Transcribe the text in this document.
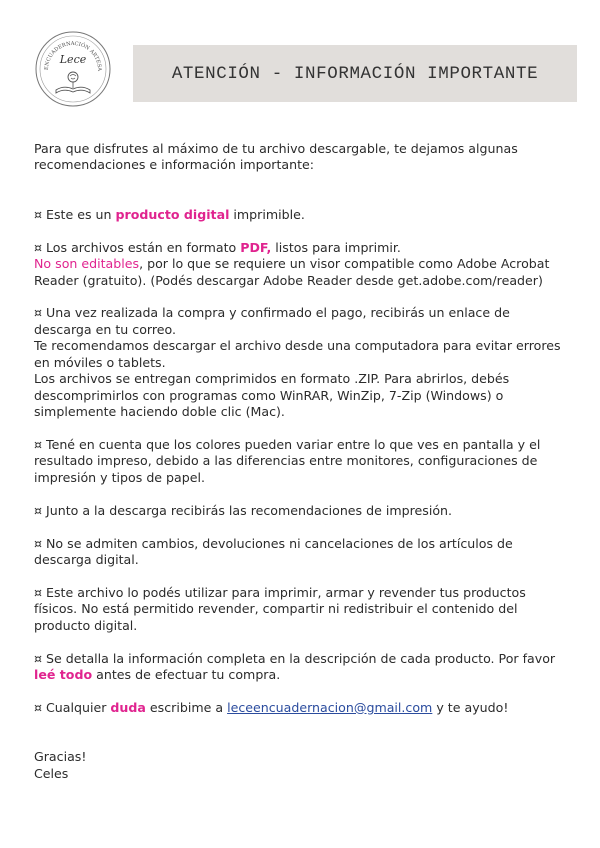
ENCUADERNACIÓN ARTESA
Lece
ATENCIÓN - INFORMACIÓN IMPORTANTE
Para que disfrutes al máximo de tu archivo descargable, te dejamos algunas
recomendaciones e información importante:
¤ Este es un producto digital imprimible.
¤ Los archivos están en formato PDF, listos para imprimir.
No son editables, por lo que se requiere un visor compatible como Adobe Acrobat
Reader (gratuito). (Podés descargar Adobe Reader desde get.adobe.com/reader)
¤ Una vez realizada la compra y confirmado el pago, recibirás un enlace de
descarga en tu correo.
Te recomendamos descargar el archivo desde una computadora para evitar errores
en móviles o tablets.
Los archivos se entregan comprimidos en formato .ZIP. Para abrirlos, debés
descomprimirlos con programas como WinRAR, WinZip, 7-Zip (Windows) o
simplemente haciendo doble clic (Mac).
¤ Tené en cuenta que los colores pueden variar entre lo que ves en pantalla y el
resultado impreso, debido a las diferencias entre monitores, configuraciones de
impresión y tipos de papel.
¤ Junto a la descarga recibirás las recomendaciones de impresión.
¤ No se admiten cambios, devoluciones ni cancelaciones de los artículos de
descarga digital.
¤ Este archivo lo podés utilizar para imprimir, armar y revender tus productos
físicos. No está permitido revender, compartir ni redistribuir el contenido del
producto digital.
¤ Se detalla la información completa en la descripción de cada producto. Por favor
leé todo antes de efectuar tu compra.
¤ Cualquier duda escribime a leceencuadernacion@gmail.com y te ayudo!
Gracias!
Celes
